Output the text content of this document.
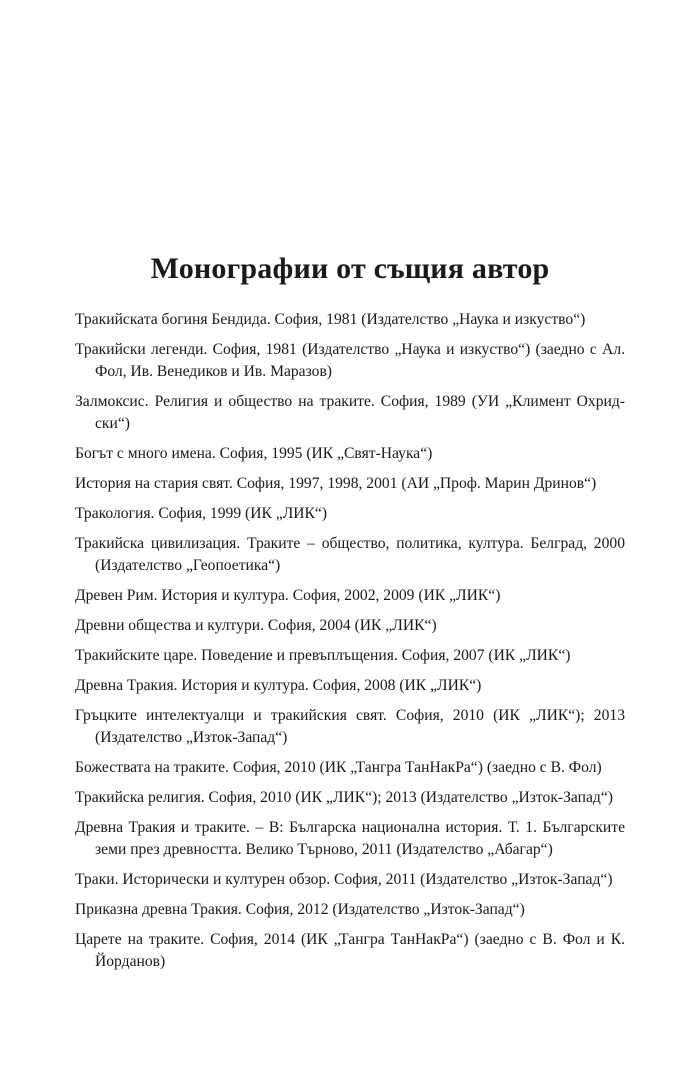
Монографии от същия автор
Тракийската богиня Бендида. София, 1981 (Издателство „Наука и изкуство“)
Тракийски легенди. София, 1981 (Издателство „Наука и изкуство“) (заедно с Ал. Фол, Ив. Венедиков и Ив. Маразов)
Залмоксис. Религия и общество на траките. София, 1989 (УИ „Климент Охридски“)
Богът с много имена. София, 1995 (ИК „Свят-Наука“)
История на стария свят. София, 1997, 1998, 2001 (АИ „Проф. Марин Дринов“)
Тракология. София, 1999 (ИК „ЛИК“)
Тракийска цивилизация. Траките – общество, политика, култура. Белград, 2000 (Издателство „Геопоетика“)
Древен Рим. История и култура. София, 2002, 2009 (ИК „ЛИК“)
Древни общества и култури. София, 2004 (ИК „ЛИК“)
Тракийските царе. Поведение и превъплъщения. София, 2007 (ИК „ЛИК“)
Древна Тракия. История и култура. София, 2008 (ИК „ЛИК“)
Гръцките интелектуалци и тракийския свят. София, 2010 (ИК „ЛИК“); 2013 (Издателство „Изток-Запад“)
Божествата на траките. София, 2010 (ИК „Тангра ТанНакРа“) (заедно с В. Фол)
Тракийска религия. София, 2010 (ИК „ЛИК“); 2013 (Издателство „Изток-Запад“)
Древна Тракия и траките. – В: Българска национална история. Т. 1. Българските земи през древността. Велико Търново, 2011 (Издателство „Абагар“)
Траки. Исторически и културен обзор. София, 2011 (Издателство „Изток-Запад“)
Приказна древна Тракия. София, 2012 (Издателство „Изток-Запад“)
Царете на траките. София, 2014 (ИК „Тангра ТанНакРа“) (заедно с В. Фол и К. Йорданов)
